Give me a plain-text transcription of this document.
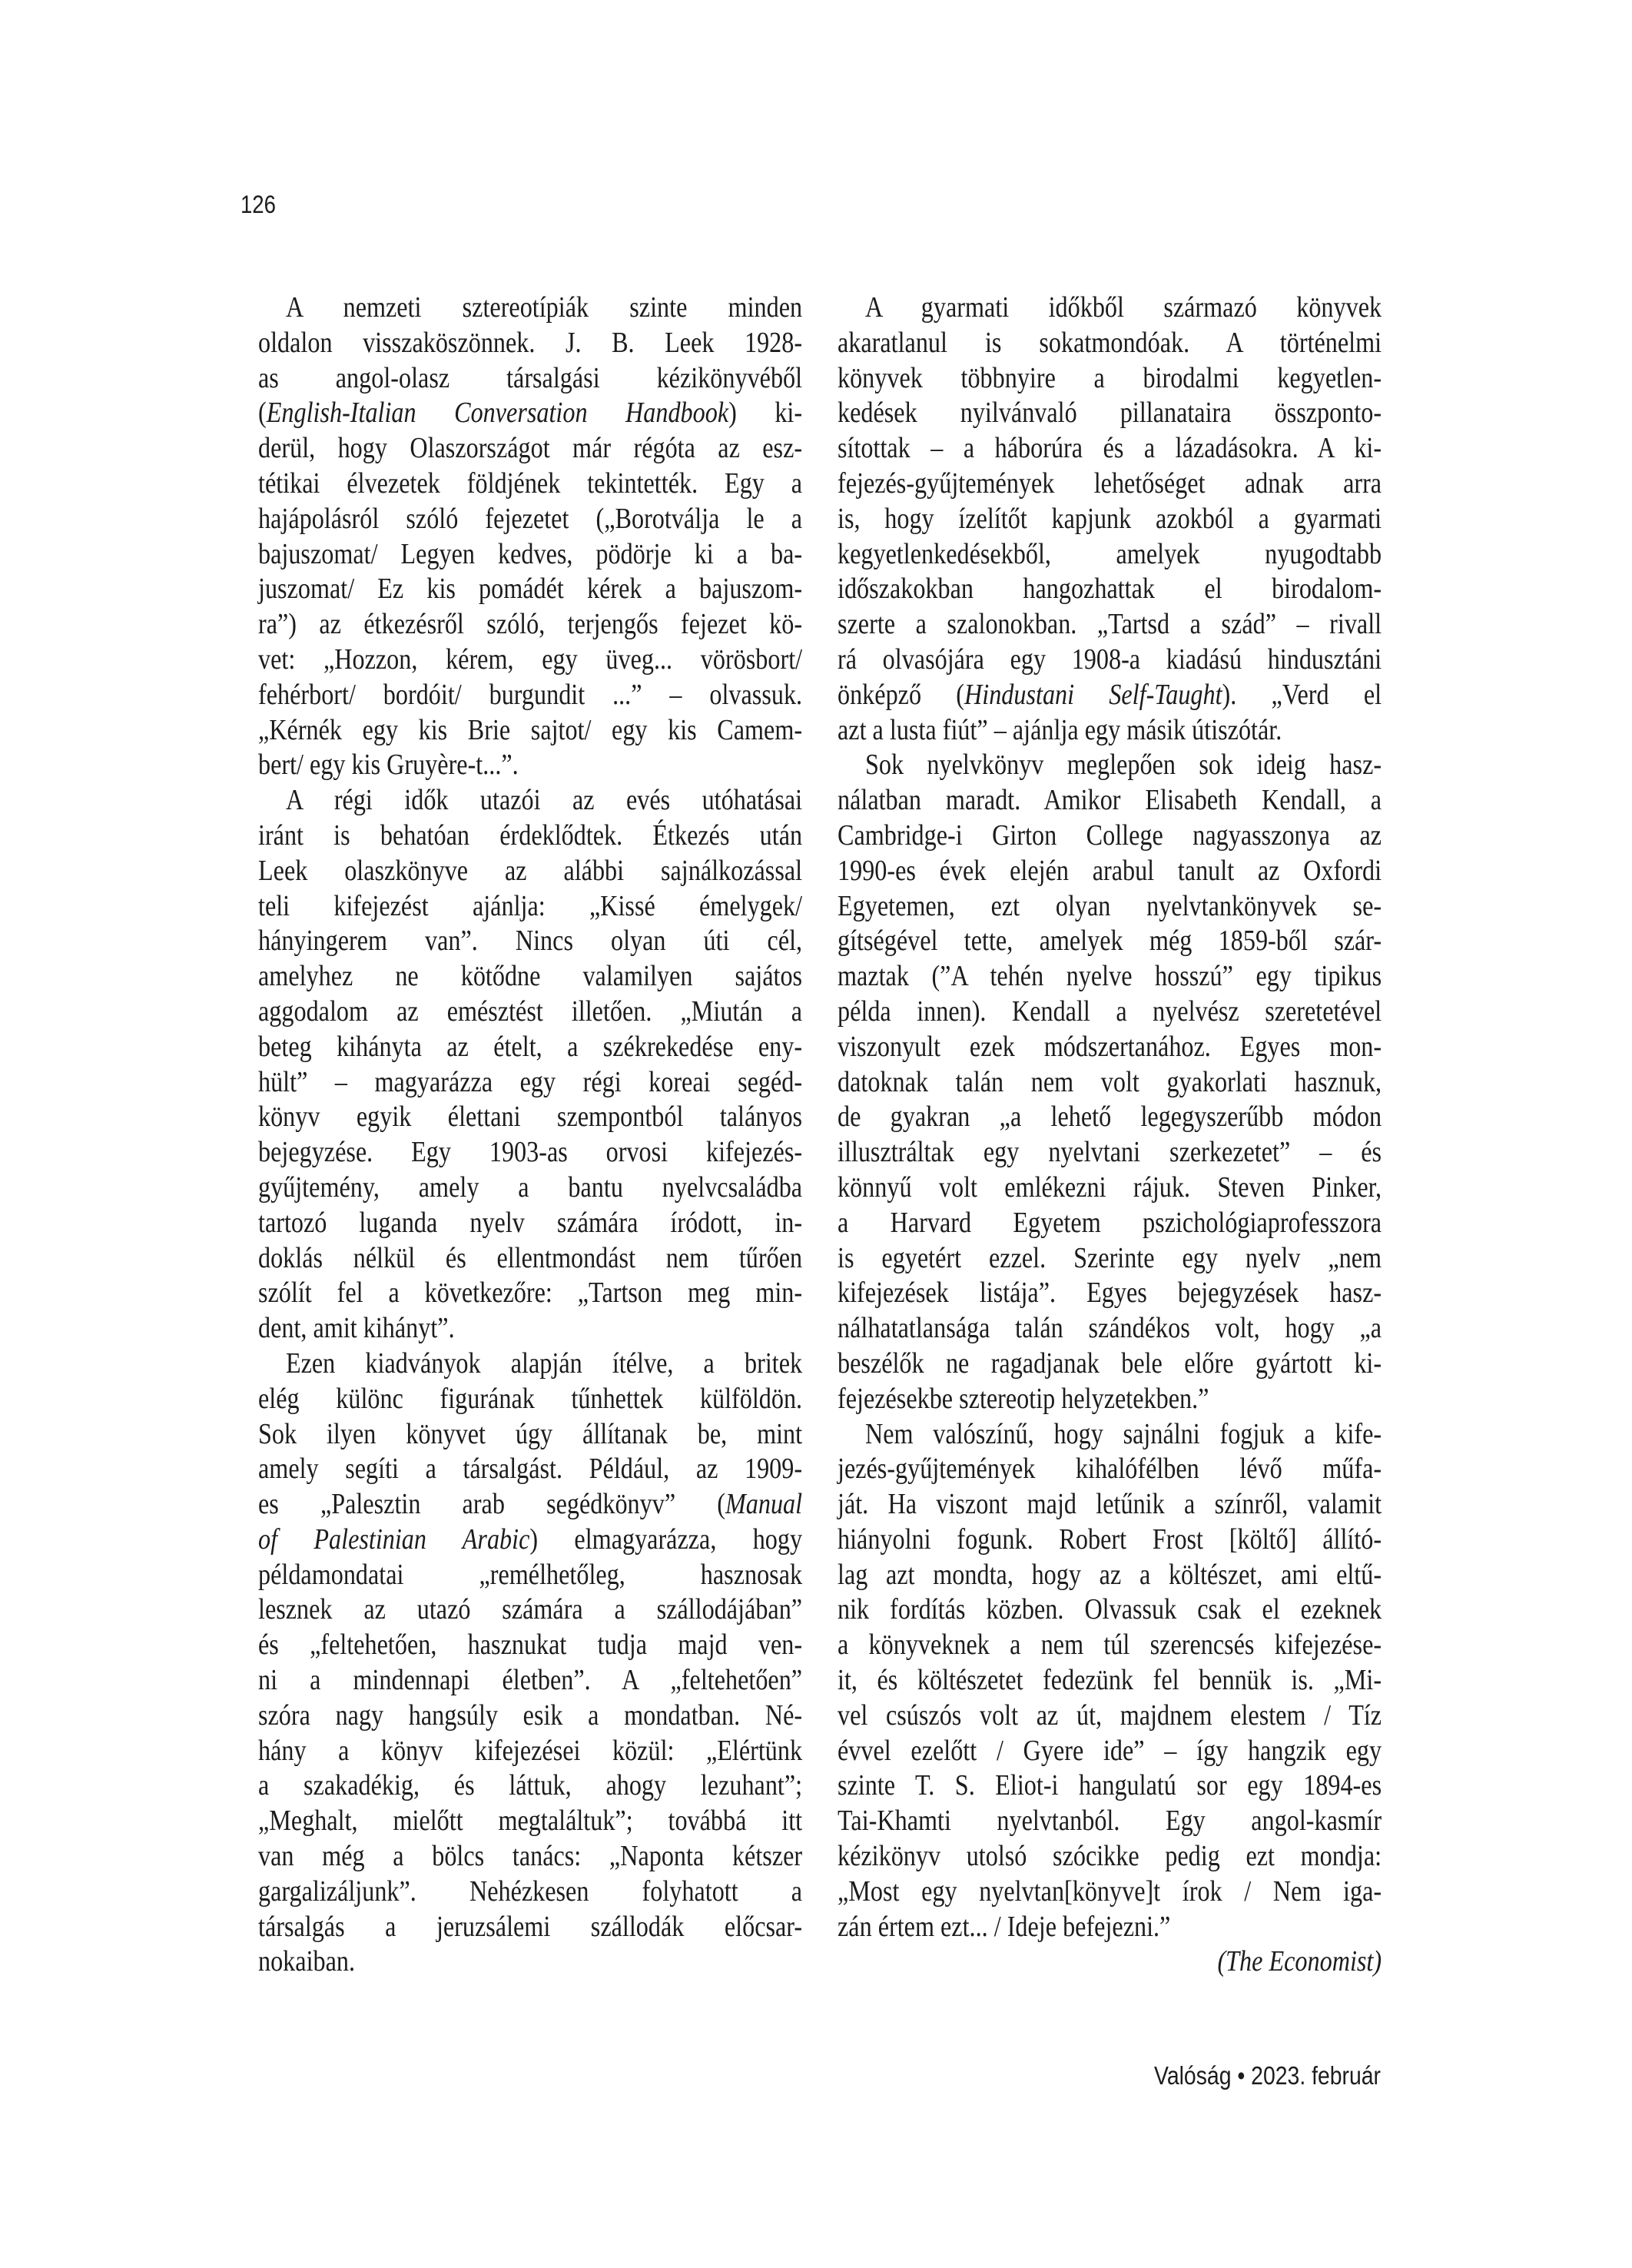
126
A nemzeti sztereotípiák szinte minden
oldalon visszaköszönnek. J. B. Leek 1928-
as angol-olasz társalgási kézikönyvéből
(English-Italian Conversation Handbook) ki-
derül, hogy Olaszországot már régóta az esz-
tétikai élvezetek földjének tekintették. Egy a
hajápolásról szóló fejezetet („Borotválja le a
bajuszomat/ Legyen kedves, pödörje ki a ba-
juszomat/ Ez kis pomádét kérek a bajuszom-
ra”) az étkezésről szóló, terjengős fejezet kö-
vet: „Hozzon, kérem, egy üveg... vörösbort/
fehérbort/ bordóit/ burgundit ...” – olvassuk.
„Kérnék egy kis Brie sajtot/ egy kis Camem-
bert/ egy kis Gruyère-t...”.
A régi idők utazói az evés utóhatásai
iránt is behatóan érdeklődtek. Étkezés után
Leek olaszkönyve az alábbi sajnálkozással
teli kifejezést ajánlja: „Kissé émelygek/
hányingerem van”. Nincs olyan úti cél,
amelyhez ne kötődne valamilyen sajátos
aggodalom az emésztést illetően. „Miután a
beteg kihányta az ételt, a székrekedése eny-
hült” – magyarázza egy régi koreai segéd-
könyv egyik élettani szempontból talányos
bejegyzése. Egy 1903-as orvosi kifejezés-
gyűjtemény, amely a bantu nyelvcsaládba
tartozó luganda nyelv számára íródott, in-
doklás nélkül és ellentmondást nem tűrően
szólít fel a következőre: „Tartson meg min-
dent, amit kihányt”.
Ezen kiadványok alapján ítélve, a britek
elég különc figurának tűnhettek külföldön.
Sok ilyen könyvet úgy állítanak be, mint
amely segíti a társalgást. Például, az 1909-
es „Palesztin arab segédkönyv” (Manual
of Palestinian Arabic) elmagyarázza, hogy
példamondatai „remélhetőleg, hasznosak
lesznek az utazó számára a szállodájában”
és „feltehetően, hasznukat tudja majd ven-
ni a mindennapi életben”. A „feltehetően”
szóra nagy hangsúly esik a mondatban. Né-
hány a könyv kifejezései közül: „Elértünk
a szakadékig, és láttuk, ahogy lezuhant”;
„Meghalt, mielőtt megtaláltuk”; továbbá itt
van még a bölcs tanács: „Naponta kétszer
gargalizáljunk”. Nehézkesen folyhatott a
társalgás a jeruzsálemi szállodák előcsar-
nokaiban.
A gyarmati időkből származó könyvek
akaratlanul is sokatmondóak. A történelmi
könyvek többnyire a birodalmi kegyetlen-
kedések nyilvánvaló pillanataira összponto-
sítottak – a háborúra és a lázadásokra. A ki-
fejezés-gyűjtemények lehetőséget adnak arra
is, hogy ízelítőt kapjunk azokból a gyarmati
kegyetlenkedésekből, amelyek nyugodtabb
időszakokban hangozhattak el birodalom-
szerte a szalonokban. „Tartsd a szád” – rivall
rá olvasójára egy 1908-a kiadású hindusztáni
önképző (Hindustani Self-Taught). „Verd el
azt a lusta fiút” – ajánlja egy másik útiszótár.
Sok nyelvkönyv meglepően sok ideig hasz-
nálatban maradt. Amikor Elisabeth Kendall, a
Cambridge-i Girton College nagyasszonya az
1990-es évek elején arabul tanult az Oxfordi
Egyetemen, ezt olyan nyelvtankönyvek se-
gítségével tette, amelyek még 1859-ből szár-
maztak (”A tehén nyelve hosszú” egy tipikus
példa innen). Kendall a nyelvész szeretetével
viszonyult ezek módszertanához. Egyes mon-
datoknak talán nem volt gyakorlati hasznuk,
de gyakran „a lehető legegyszerűbb módon
illusztráltak egy nyelvtani szerkezetet” – és
könnyű volt emlékezni rájuk. Steven Pinker,
a Harvard Egyetem pszichológiaprofesszora
is egyetért ezzel. Szerinte egy nyelv „nem
kifejezések listája”. Egyes bejegyzések hasz-
nálhatatlansága talán szándékos volt, hogy „a
beszélők ne ragadjanak bele előre gyártott ki-
fejezésekbe sztereotip helyzetekben.”
Nem valószínű, hogy sajnálni fogjuk a kife-
jezés-gyűjtemények kihalófélben lévő műfa-
ját. Ha viszont majd letűnik a színről, valamit
hiányolni fogunk. Robert Frost [költő] állító-
lag azt mondta, hogy az a költészet, ami eltű-
nik fordítás közben. Olvassuk csak el ezeknek
a könyveknek a nem túl szerencsés kifejezése-
it, és költészetet fedezünk fel bennük is. „Mi-
vel csúszós volt az út, majdnem elestem / Tíz
évvel ezelőtt / Gyere ide” – így hangzik egy
szinte T. S. Eliot-i hangulatú sor egy 1894-es
Tai-Khamti nyelvtanból. Egy angol-kasmír
kézikönyv utolsó szócikke pedig ezt mondja:
„Most egy nyelvtan[könyve]t írok / Nem iga-
zán értem ezt... / Ideje befejezni.”
(The Economist)
Valóság • 2023. február
